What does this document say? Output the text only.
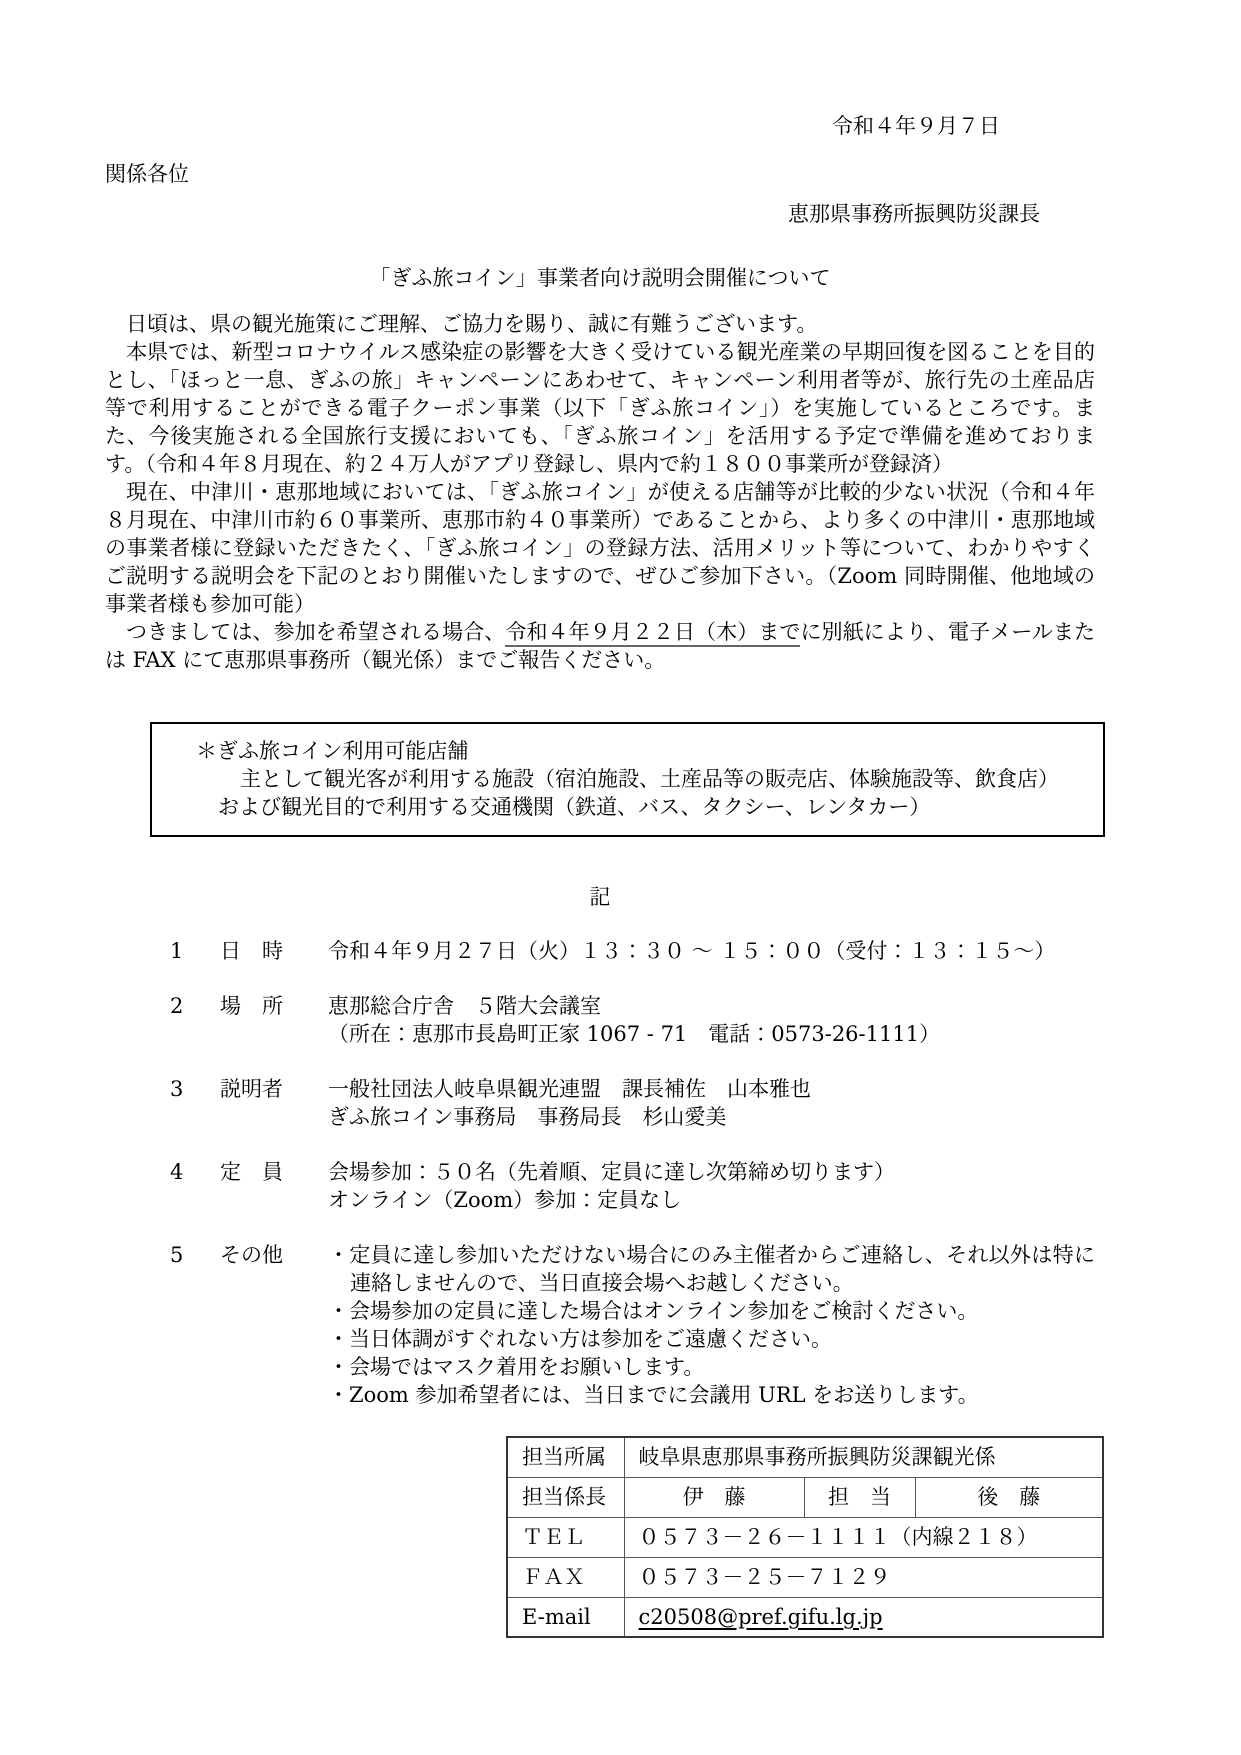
令和４年９月７日
関係各位
恵那県事務所振興防災課長
「ぎふ旅コイン」事業者向け説明会開催について

日頃は、県の観光施策にご理解、ご協力を賜り、誠に有難うございます。

本県では、新型コロナウイルス感染症の影響を大きく受けている観光産業の早期回復を図ることを目的とし、「ほっと一息、ぎふの旅」キャンペーンにあわせて、キャンペーン利用者等が、旅行先の土産品店等で利用することができる電子クーポン事業（以下「ぎふ旅コイン」）を実施しているところです。また、今後実施される全国旅行支援においても、「ぎふ旅コイン」を活用する予定で準備を進めております。（令和４年８月現在、約２４万人がアプリ登録し、県内で約１８００事業所が登録済）

現在、中津川・恵那地域においては、「ぎふ旅コイン」が使える店舗等が比較的少ない状況（令和４年８月現在、中津川市約６０事業所、恵那市約４０事業所）であることから、より多くの中津川・恵那地域の事業者様に登録いただきたく、「ぎふ旅コイン」の登録方法、活用メリット等について、わかりやすくご説明する説明会を下記のとおり開催いたしますので、ぜひご参加下さい。（Zoom 同時開催、他地域の事業者様も参加可能）

つきましては、参加を希望される場合、令和４年９月２２日（木）までに別紙により、電子メールまたは FAX にて恵那県事務所（観光係）までご報告ください。

＊ぎふ旅コイン利用可能店舗
主として観光客が利用する施設（宿泊施設、土産品等の販売店、体験施設等、飲食店）
および観光目的で利用する交通機関（鉄道、バス、タクシー、レンタカー）
記
1	日　時	令和４年９月２７日（火）１３：３０ ～ １５：００（受付：１３：１５～）
2	場　所	恵那総合庁舎　５階大会議室
（所在：恵那市長島町正家 1067 - 71　電話：0573-26-1111）
3	説明者	一般社団法人岐阜県観光連盟　課長補佐　山本雅也
ぎふ旅コイン事務局　事務局長　杉山愛美
4	定　員	会場参加：５０名（先着順、定員に達し次第締め切ります）
オンライン（Zoom）参加：定員なし
5	その他	・定員に達し参加いただけない場合にのみ主催者からご連絡し、それ以外は特に連絡しませんので、当日直接会場へお越しください。
・会場参加の定員に達した場合はオンライン参加をご検討ください。
・当日体調がすぐれない方は参加をご遠慮ください。
・会場ではマスク着用をお願いします。
・Zoom 参加希望者には、当日までに会議用 URL をお送りします。
担当所属	岐阜県恵那県事務所振興防災課観光係		
担当係長	伊　藤	担　当	後　藤
ＴＥＬ	０５７３－２６－１１１１（内線２１８）		
ＦＡＸ	０５７３－２５－７１２９		
E-mail	c20508@pref.gifu.lg.jp		
